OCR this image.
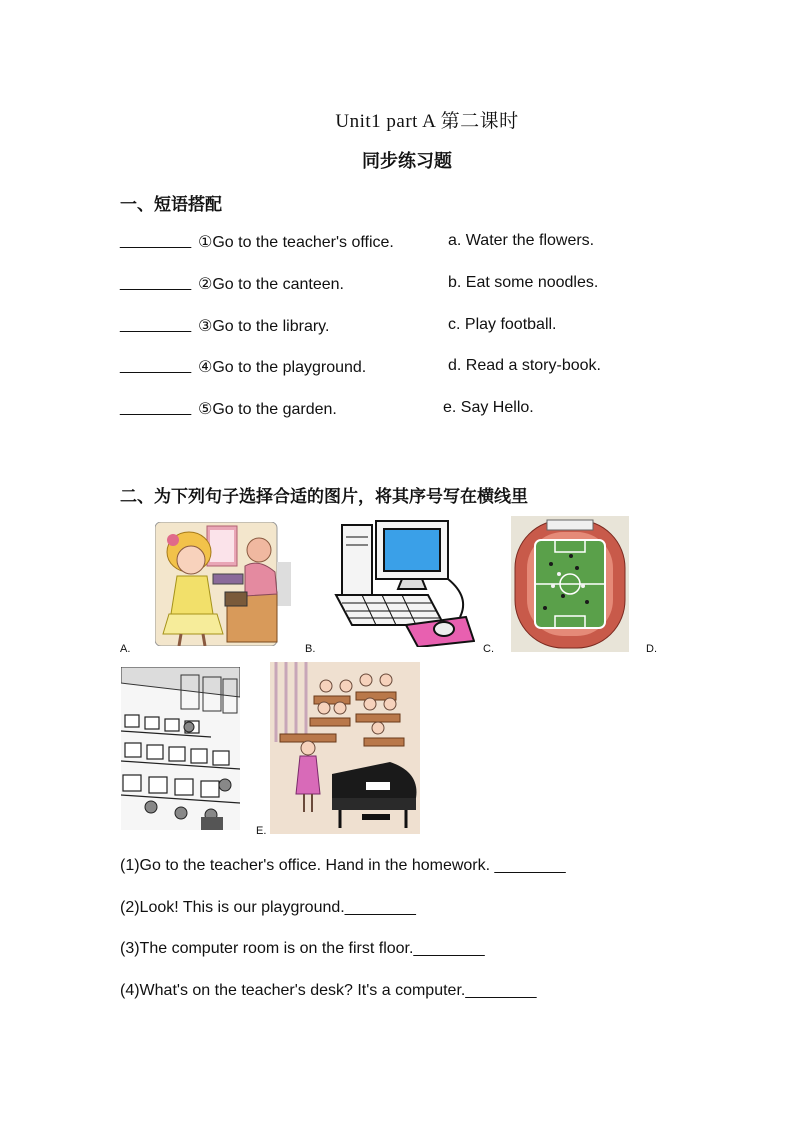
Unit1 part A 第二课时
同步练习题
一、短语搭配
________ ①Go to the teacher's office.	a. Water the flowers.
________ ②Go to the canteen.	b. Eat some noodles.
________ ③Go to the library.	c. Play football.
________ ④Go to the playground.	d. Read a story-book.
________ ⑤Go to the garden.	e. Say Hello.
二、为下列句子选择合适的图片，将其序号写在横线里
A.	B.	C.	D.
E.
(1)Go to the teacher's office. Hand in the homework. ________
(2)Look! This is our playground.________
(3)The computer room is on the first floor.________
(4)What's on the teacher's desk? It's a computer.________
